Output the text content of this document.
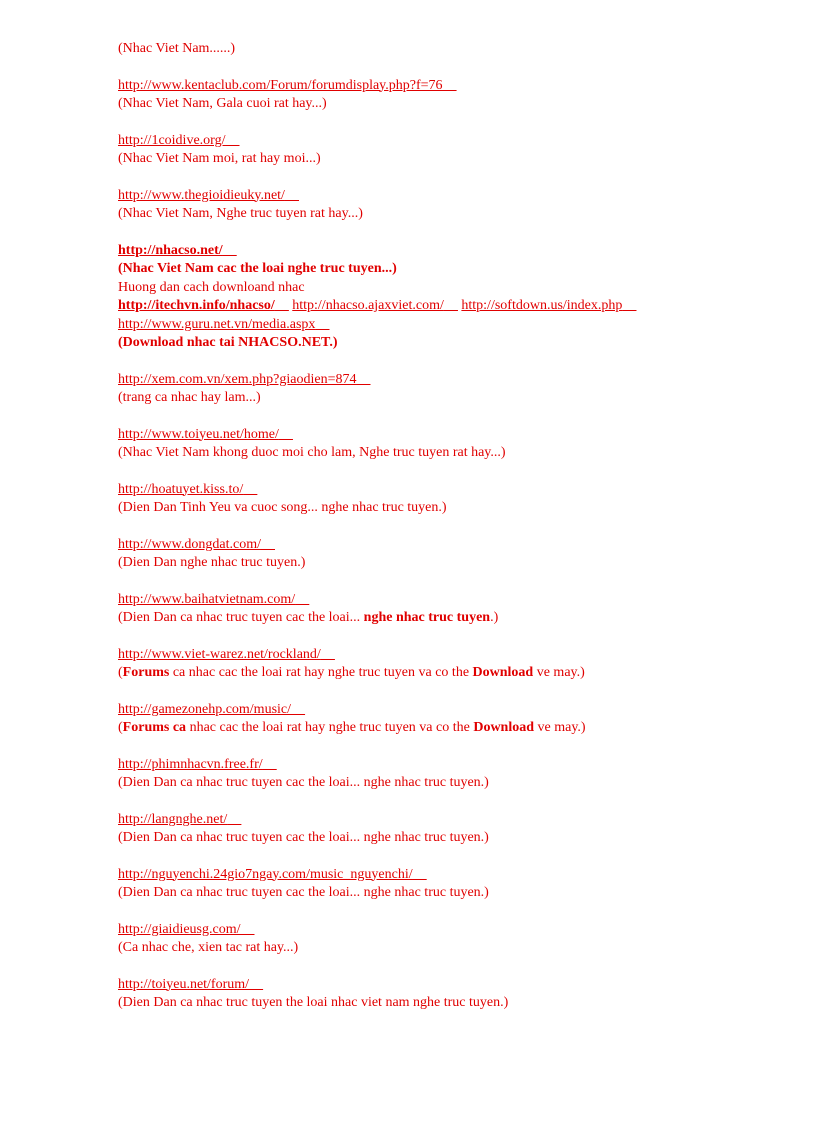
(Nhac Viet Nam......)
http://www.kentaclub.com/Forum/forumdisplay.php?f=76
(Nhac Viet Nam, Gala cuoi rat hay...)
http://1coidive.org/
(Nhac Viet Nam moi, rat hay moi...)
http://www.thegioidieuky.net/
(Nhac Viet Nam, Nghe truc tuyen rat hay...)
http://nhacso.net/
(Nhac Viet Nam cac the loai nghe truc tuyen...)
Huong dan cach downloand nhac
http://itechvn.info/nhacso/ http://nhacso.ajaxviet.com/ http://softdown.us/index.php http://www.guru.net.vn/media.aspx
(Download nhac tai NHACSO.NET.)
http://xem.com.vn/xem.php?giaodien=874
(trang ca nhac hay lam...)
http://www.toiyeu.net/home/
(Nhac Viet Nam khong duoc moi cho lam, Nghe truc tuyen rat hay...)
http://hoatuyet.kiss.to/
(Dien Dan Tinh Yeu va cuoc song... nghe nhac truc tuyen.)
http://www.dongdat.com/
(Dien Dan nghe nhac truc tuyen.)
http://www.baihatvietnam.com/
(Dien Dan ca nhac truc tuyen cac the loai... nghe nhac truc tuyen.)
http://www.viet-warez.net/rockland/
(Forums ca nhac cac the loai rat hay nghe truc tuyen va co the Download ve may.)
http://gamezonehp.com/music/
(Forums ca nhac cac the loai rat hay nghe truc tuyen va co the Download ve may.)
http://phimnhacvn.free.fr/
(Dien Dan ca nhac truc tuyen cac the loai... nghe nhac truc tuyen.)
http://langnghe.net/
(Dien Dan ca nhac truc tuyen cac the loai... nghe nhac truc tuyen.)
http://nguyenchi.24gio7ngay.com/music_nguyenchi/
(Dien Dan ca nhac truc tuyen cac the loai... nghe nhac truc tuyen.)
http://giaidieusg.com/
(Ca nhac che, xien tac rat hay...)
http://toiyeu.net/forum/
(Dien Dan ca nhac truc tuyen the loai nhac viet nam nghe truc tuyen.)
